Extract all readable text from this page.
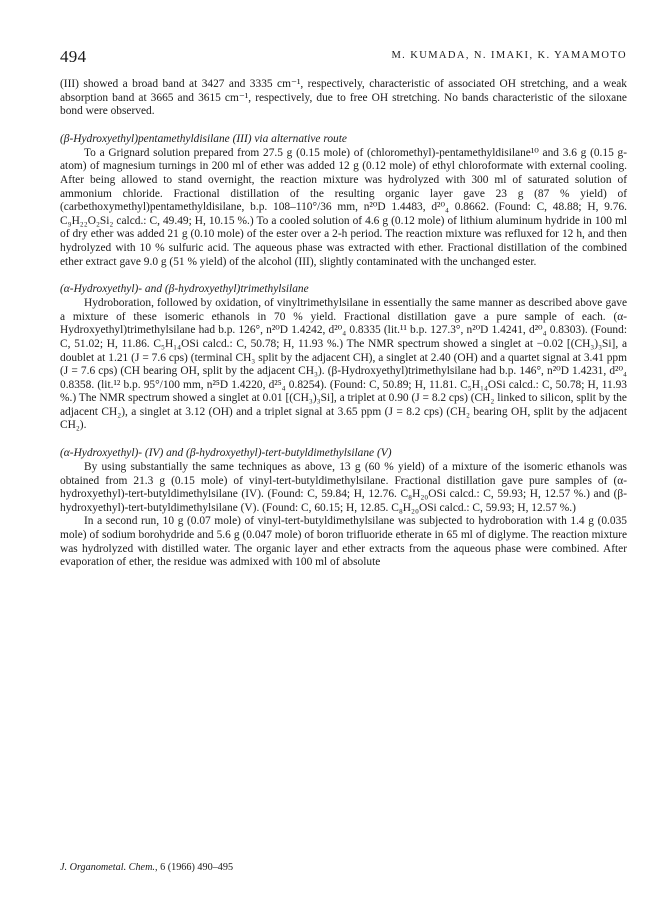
494	M. KUMADA, N. IMAKI, K. YAMAMOTO

(III) showed a broad band at 3427 and 3335 cm⁻¹, respectively, characteristic of associated OH stretching, and a weak absorption band at 3665 and 3615 cm⁻¹, respectively, due to free OH stretching. No bands characteristic of the siloxane bond were observed.

(β-Hydroxyethyl)pentamethyldisilane (III) via alternative route

To a Grignard solution prepared from 27.5 g (0.15 mole) of (chloromethyl)-pentamethyldisilane¹⁰ and 3.6 g (0.15 g-atom) of magnesium turnings in 200 ml of ether was added 12 g (0.12 mole) of ethyl chloroformate with external cooling. After being allowed to stand overnight, the reaction mixture was hydrolyzed with 300 ml of saturated solution of ammonium chloride. Fractional distillation of the resulting organic layer gave 23 g (87 % yield) of (carbethoxymethyl)pentamethyldisilane, b.p. 108–110°/36 mm, n²⁰D 1.4483, d²⁰₄ 0.8662. (Found: C, 48.88; H, 9.76. C₉H₂₂O₂Si₂ calcd.: C, 49.49; H, 10.15 %.) To a cooled solution of 4.6 g (0.12 mole) of lithium aluminum hydride in 100 ml of dry ether was added 21 g (0.10 mole) of the ester over a 2-h period. The reaction mixture was refluxed for 12 h, and then hydrolyzed with 10 % sulfuric acid. The aqueous phase was extracted with ether. Fractional distillation of the combined ether extract gave 9.0 g (51 % yield) of the alcohol (III), slightly contaminated with the unchanged ester.

(α-Hydroxyethyl)- and (β-hydroxyethyl)trimethylsilane

Hydroboration, followed by oxidation, of vinyltrimethylsilane in essentially the same manner as described above gave a mixture of these isomeric ethanols in 70 % yield. Fractional distillation gave a pure sample of each. (α-Hydroxyethyl)trimethylsilane had b.p. 126°, n²⁰D 1.4242, d²⁰₄ 0.8335 (lit.¹¹ b.p. 127.3°, n²⁰D 1.4241, d²⁰₄ 0.8303). (Found: C, 51.02; H, 11.86. C₅H₁₄OSi calcd.: C, 50.78; H, 11.93 %.) The NMR spectrum showed a singlet at −0.02 [(CH₃)₃Si], a doublet at 1.21 (J = 7.6 cps) (terminal CH₃ split by the adjacent CH), a singlet at 2.40 (OH) and a quartet signal at 3.41 ppm (J = 7.6 cps) (CH bearing OH, split by the adjacent CH₃). (β-Hydroxyethyl)trimethylsilane had b.p. 146°, n²⁰D 1.4231, d²⁰₄ 0.8358. (lit.¹² b.p. 95°/100 mm, n²⁵D 1.4220, d²⁵₄ 0.8254). (Found: C, 50.89; H, 11.81. C₅H₁₄OSi calcd.: C, 50.78; H, 11.93 %.) The NMR spectrum showed a singlet at 0.01 [(CH₃)₃Si], a triplet at 0.90 (J = 8.2 cps) (CH₂ linked to silicon, split by the adjacent CH₂), a singlet at 3.12 (OH) and a triplet signal at 3.65 ppm (J = 8.2 cps) (CH₂ bearing OH, split by the adjacent CH₂).

(α-Hydroxyethyl)- (IV) and (β-hydroxyethyl)-tert-butyldimethylsilane (V)

By using substantially the same techniques as above, 13 g (60 % yield) of a mixture of the isomeric ethanols was obtained from 21.3 g (0.15 mole) of vinyl-tert-butyldimethylsilane. Fractional distillation gave pure samples of (α-hydroxyethyl)-tert-butyldimethylsilane (IV). (Found: C, 59.84; H, 12.76. C₈H₂₀OSi calcd.: C, 59.93; H, 12.57 %.) and (β-hydroxyethyl)-tert-butyldimethylsilane (V). (Found: C, 60.15; H, 12.85. C₈H₂₀OSi calcd.: C, 59.93; H, 12.57 %.)

In a second run, 10 g (0.07 mole) of vinyl-tert-butyldimethylsilane was subjected to hydroboration with 1.4 g (0.035 mole) of sodium borohydride and 5.6 g (0.047 mole) of boron trifluoride etherate in 65 ml of diglyme. The reaction mixture was hydrolyzed with distilled water. The organic layer and ether extracts from the aqueous phase were combined. After evaporation of ether, the residue was admixed with 100 ml of absolute

J. Organometal. Chem., 6 (1966) 490–495
